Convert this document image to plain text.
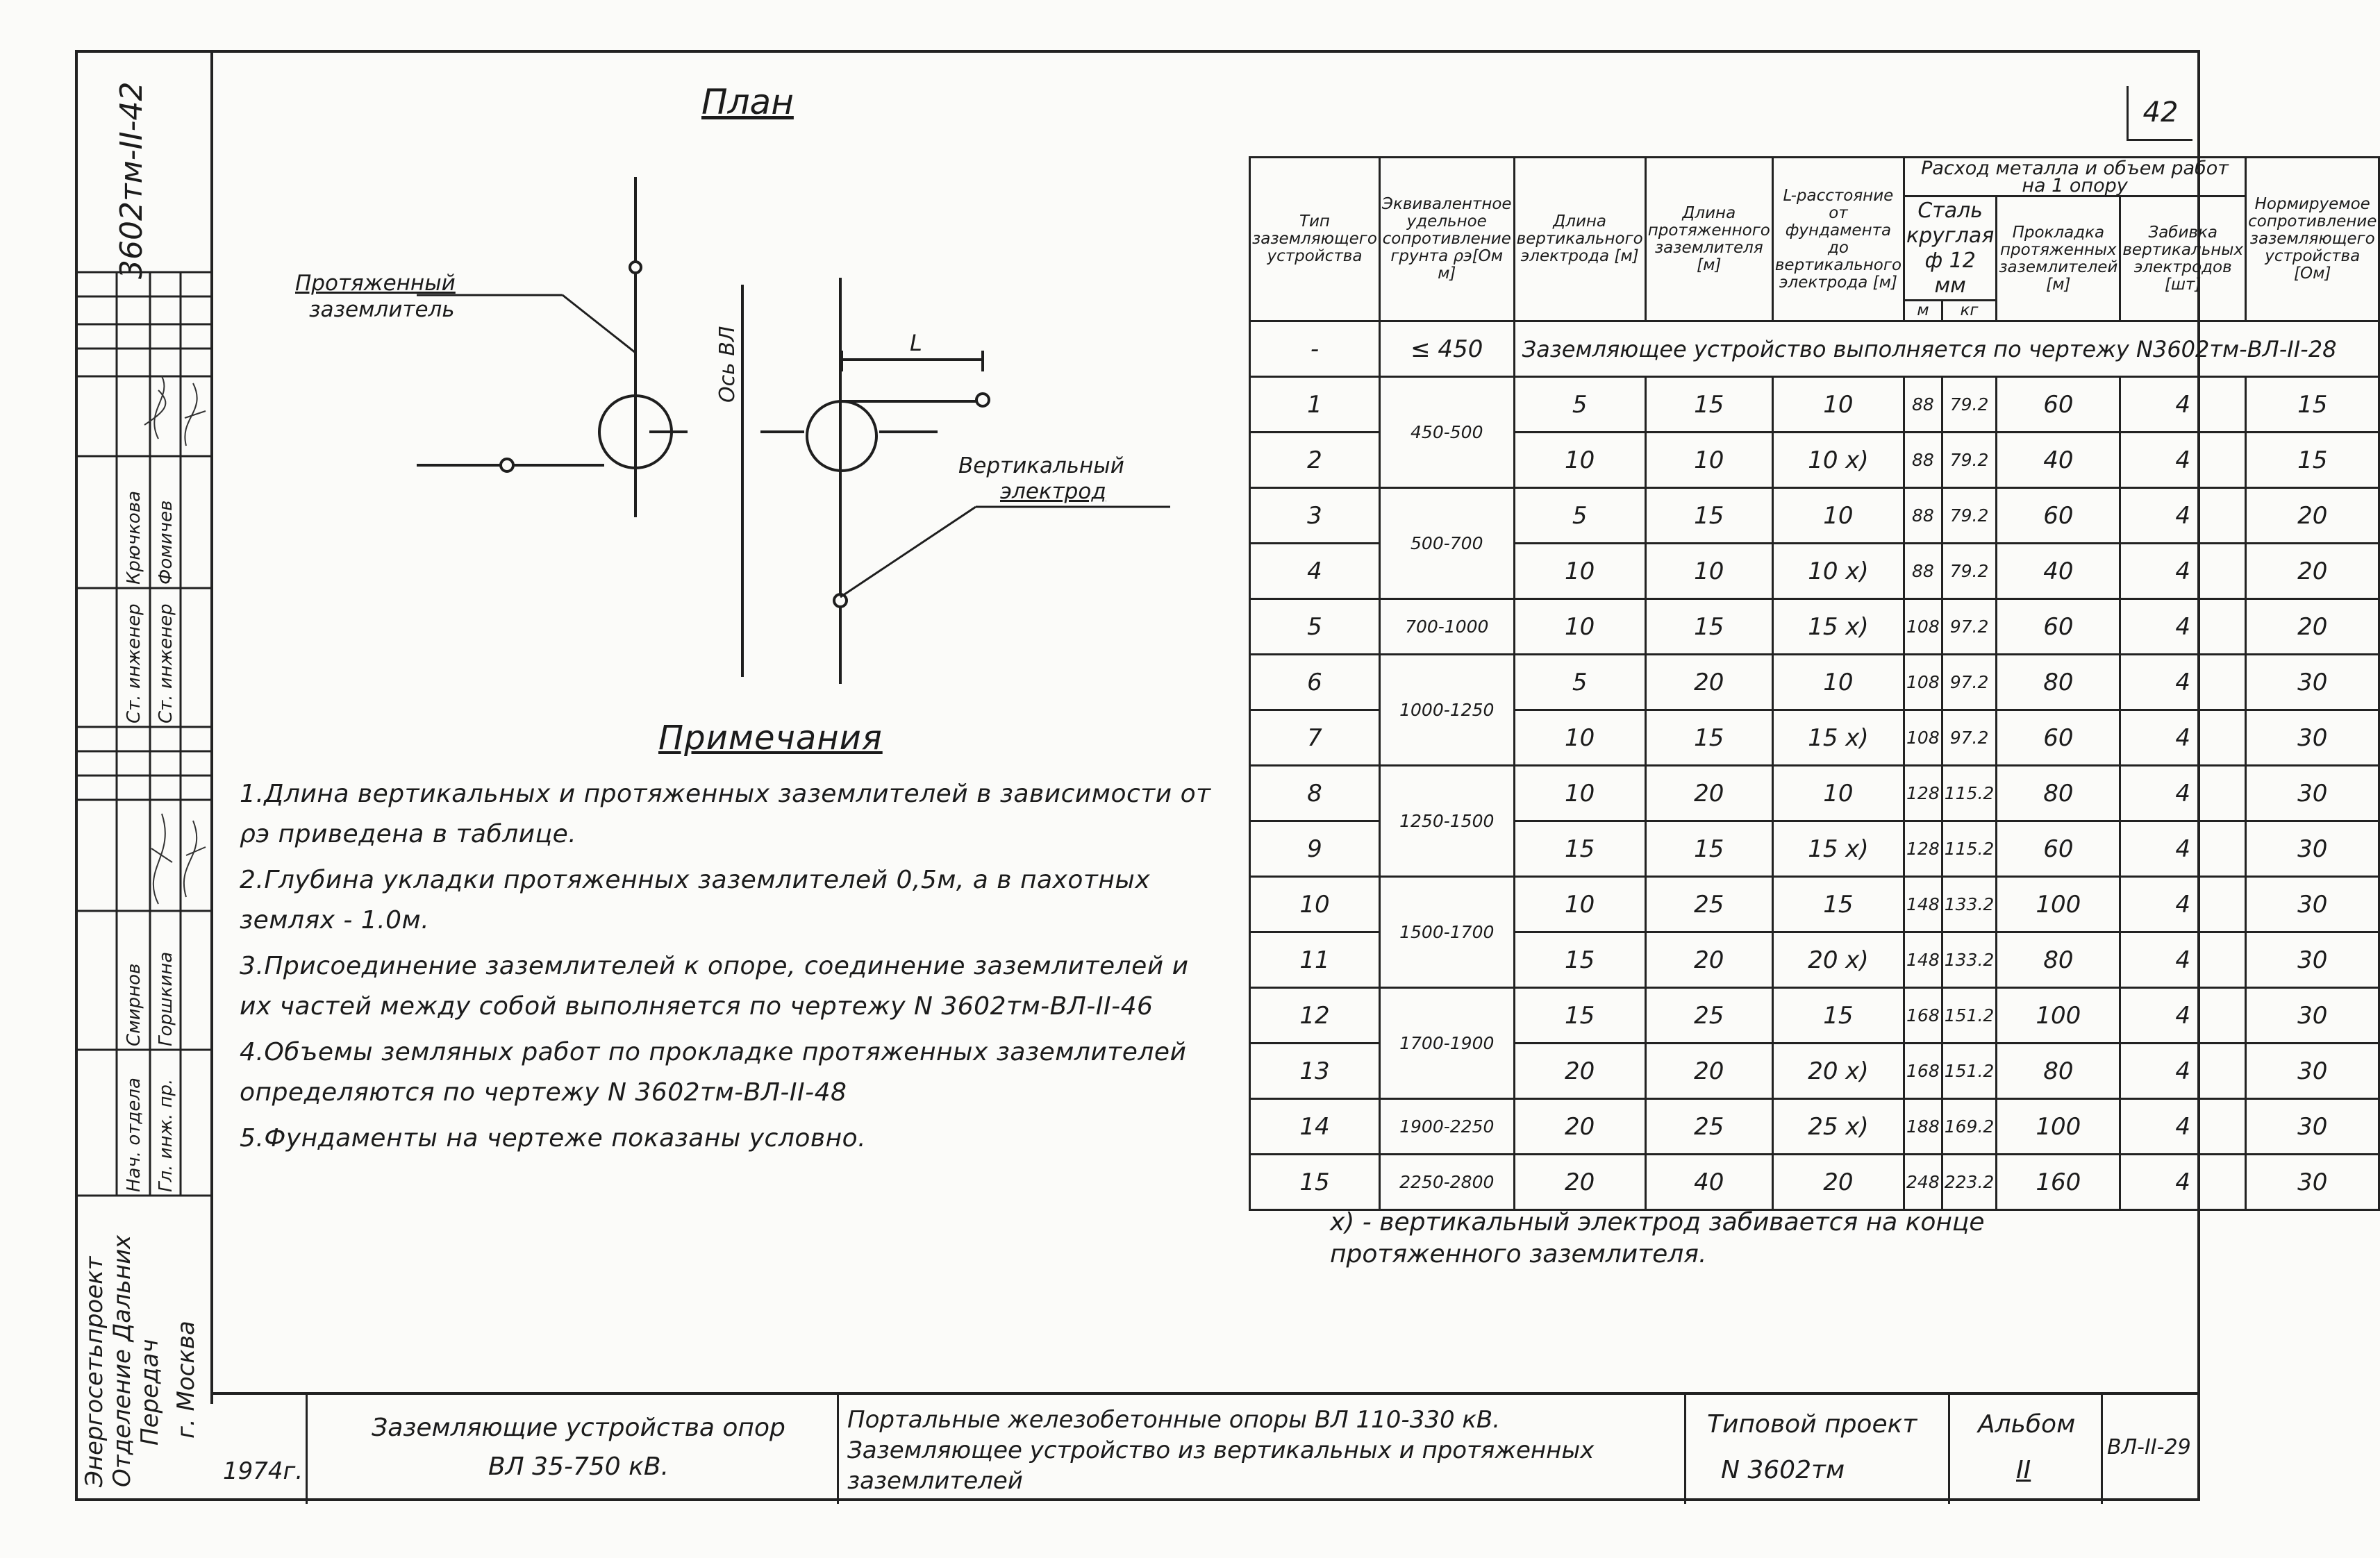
42
3602тм-ІІ-42
Ст. инженер Ст. инженер
Крючкова Фомичев
Нач. отдела Гл. инж. пр.
Смирнов Горшкина
Энергосетьпроект Отделение Дальних Передач г. Москва
План
Протяженный
заземлитель
Ось ВЛ	L
Вертикальный
электрод
Примечания

1.Длина вертикальных и протяженных заземлителей в зависимости от ρэ приведена в таблице.

2.Глубина укладки протяженных заземлителей 0,5м, а в пахотных землях - 1.0м.

3.Присоединение заземлителей к опоре, соединение заземлителей и их частей между собой выполняется по чертежу N 3602тм-ВЛ-ІІ-46

4.Объемы земляных работ по прокладке протяженных заземлителей определяются по чертежу N 3602тм-ВЛ-ІІ-48

5.Фундаменты на чертеже показаны условно.

Тип заземляющего устройства	Эквивалентное удельное сопротивление грунта ρэ[Ом м]	Длина вертикального электрода [м]	Длина протяженного заземлителя [м]	L-расстояние от фундамента до вертикального электрода [м]	Расход металла и объем работ на 1 опору				Нормируемое сопротивление заземляющего устройства [Ом]
					Сталь круглая ф 12 мм		Прокладка протяженных заземлителей [м]	Забивка вертикальных электродов [шт]	
					м	кг			
-	≤ 450	Заземляющее устройство выполняется по чертежу N3602тм-ВЛ-ІІ-28							
1	450-500	5	15	10	88	79.2	60	4	15
2		10	10	10 x)	88	79.2	40	4	15
3	500-700	5	15	10	88	79.2	60	4	20
4		10	10	10 x)	88	79.2	40	4	20
5	700-1000	10	15	15 x)	108	97.2	60	4	20
6	1000-1250	5	20	10	108	97.2	80	4	30
7		10	15	15 x)	108	97.2	60	4	30
8	1250-1500	10	20	10	128	115.2	80	4	30
9		15	15	15 x)	128	115.2	60	4	30
10	1500-1700	10	25	15	148	133.2	100	4	30
11		15	20	20 x)	148	133.2	80	4	30
12	1700-1900	15	25	15	168	151.2	100	4	30
13		20	20	20 x)	168	151.2	80	4	30
14	1900-2250	20	25	25 x)	188	169.2	100	4	30
15	2250-2800	20	40	20	248	223.2	160	4	30
x) - вертикальный электрод забивается на конце протяженного заземлителя.
1974г.
Заземляющие устройства опор ВЛ 35-750 кВ.
Портальные железобетонные опоры ВЛ 110-330 кВ. Заземляющее устройство из вертикальных и протяженных заземлителей
Типовой проект
N 3602тм
Альбом
ІІ
ВЛ-ІІ-29
